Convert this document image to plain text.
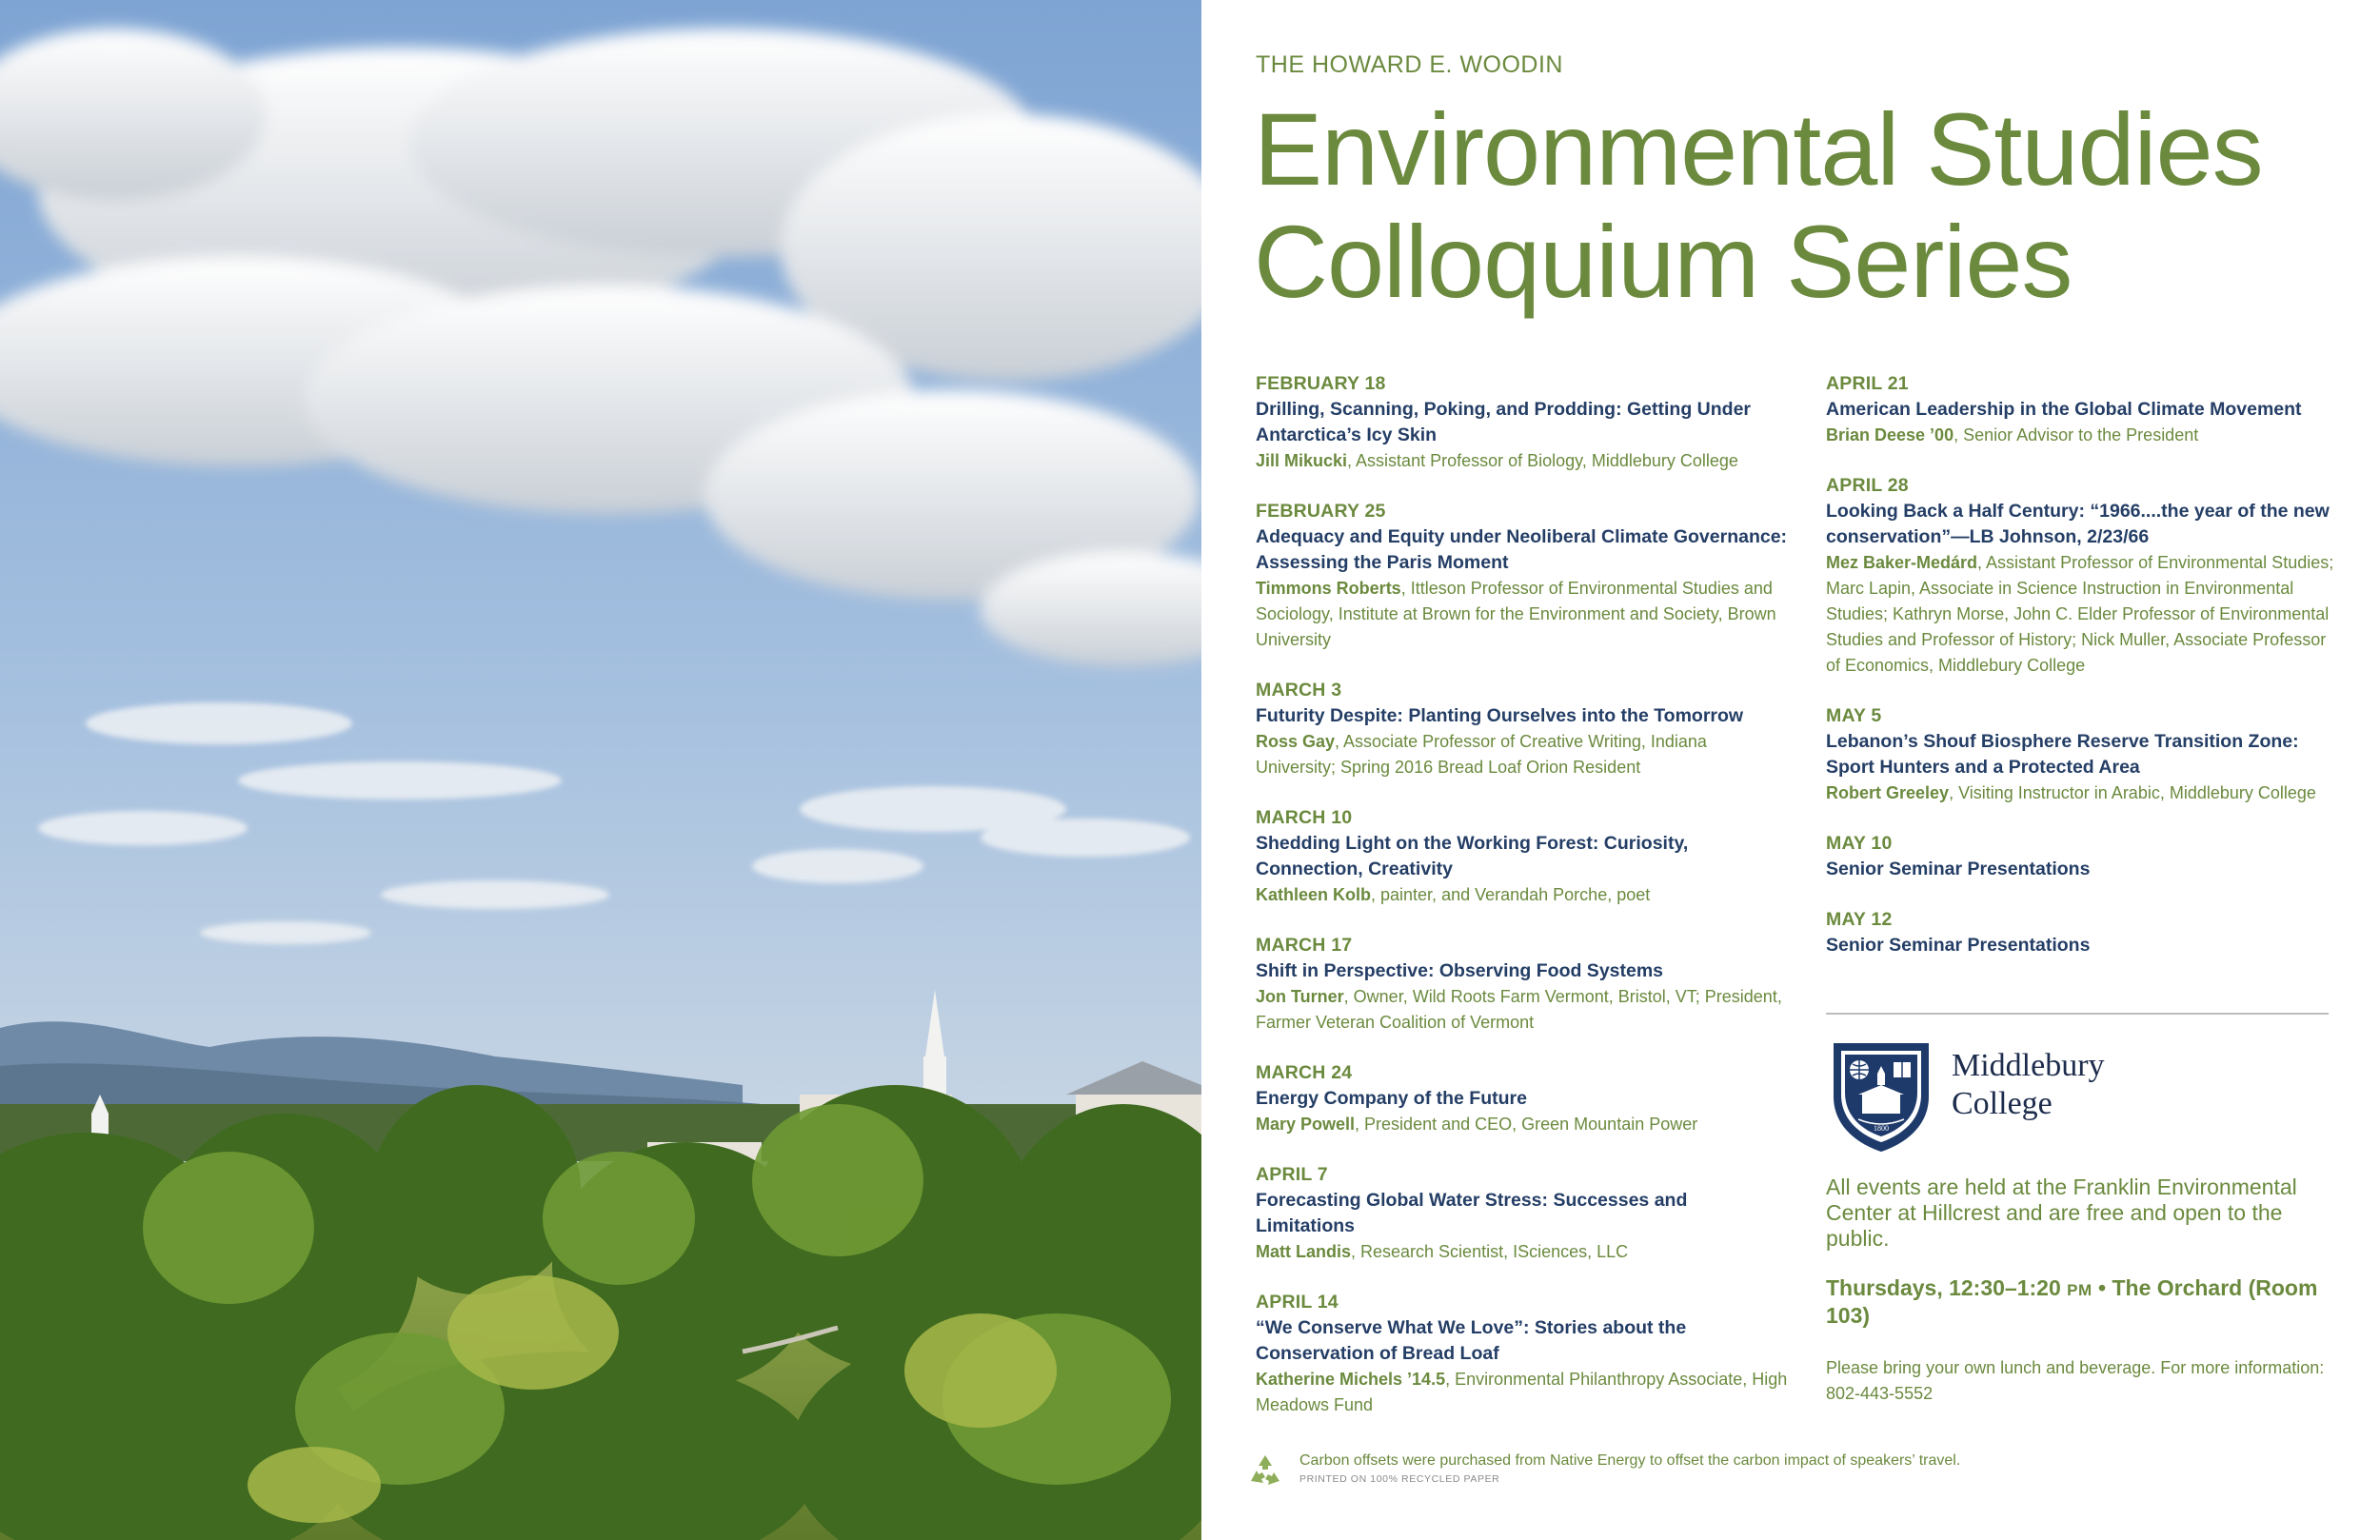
THE HOWARD E. WOODIN

Environmental Studies
Colloquium Series
FEBRUARY 18
Drilling, Scanning, Poking, and Prodding: Getting Under Antarctica’s Icy Skin
Jill Mikucki, Assistant Professor of Biology, Middlebury College
FEBRUARY 25
Adequacy and Equity under Neoliberal Climate Governance: Assessing the Paris Moment
Timmons Roberts, Ittleson Professor of Environmental Studies and Sociology, Institute at Brown for the Environment and Society, Brown University
MARCH 3
Futurity Despite: Planting Ourselves into the Tomorrow
Ross Gay, Associate Professor of Creative Writing, Indiana University; Spring 2016 Bread Loaf Orion Resident
MARCH 10
Shedding Light on the Working Forest: Curiosity, Connection, Creativity
Kathleen Kolb, painter, and Verandah Porche, poet
MARCH 17
Shift in Perspective: Observing Food Systems
Jon Turner, Owner, Wild Roots Farm Vermont, Bristol, VT; President, Farmer Veteran Coalition of Vermont
MARCH 24
Energy Company of the Future
Mary Powell, President and CEO, Green Mountain Power
APRIL 7
Forecasting Global Water Stress: Successes and Limitations
Matt Landis, Research Scientist, ISciences, LLC
APRIL 14
“We Conserve What We Love”: Stories about the Conservation of Bread Loaf
Katherine Michels ’14.5, Environmental Philanthropy Associate, High Meadows Fund
APRIL 21
American Leadership in the Global Climate Movement
Brian Deese ’00, Senior Advisor to the President
APRIL 28
Looking Back a Half Century: “1966....the year of the new conservation”—LB Johnson, 2/23/66
Mez Baker-Medárd, Assistant Professor of Environmental Studies; Marc Lapin, Associate in Science Instruction in Environmental Studies; Kathryn Morse, John C. Elder Professor of Environmental Studies and Professor of History; Nick Muller, Associate Professor of Economics, Middlebury College
MAY 5
Lebanon’s Shouf Biosphere Reserve Transition Zone: Sport Hunters and a Protected Area
Robert Greeley, Visiting Instructor in Arabic, Middlebury College
MAY 10
Senior Seminar Presentations
MAY 12
Senior Seminar Presentations
1800
Middlebury
College
All events are held at the Franklin Environmental Center at Hillcrest and are free and open to the public.
Thursdays, 12:30–1:20 PM • The Orchard (Room 103)
Please bring your own lunch and beverage. For more information: 802-443-5552
Carbon offsets were purchased from Native Energy to offset the carbon impact of speakers’ travel.
PRINTED ON 100% RECYCLED PAPER
